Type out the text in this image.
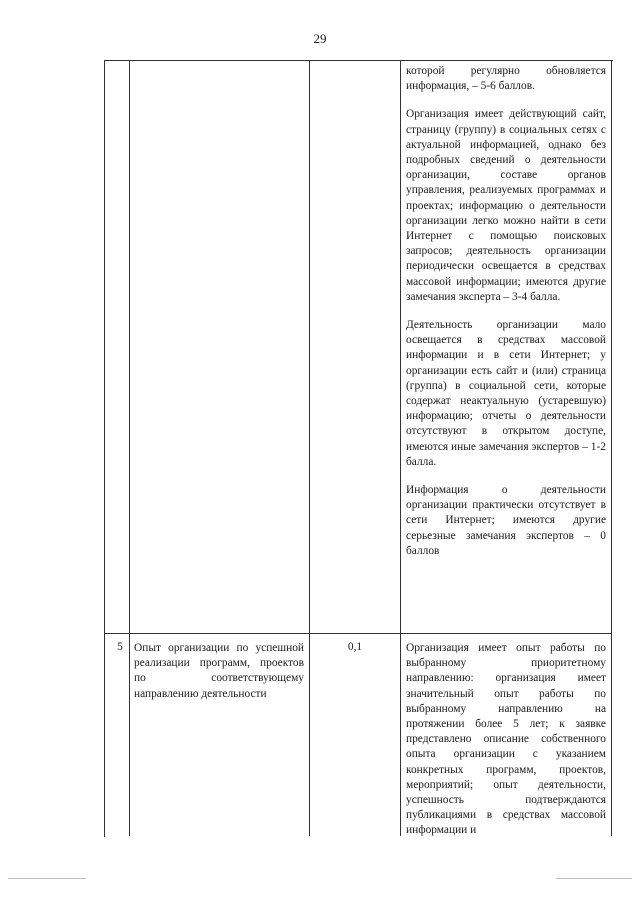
29

которой регулярно обновляется информация, – 5-6 баллов.

Организация имеет действующий сайт, страницу (группу) в социальных сетях с актуальной информацией, однако без подробных сведений о деятельности организации, составе органов управления, реализуемых программах и проектах; информацию о деятельности организации легко можно найти в сети Интернет с помощью поисковых запросов; деятельность организации периодически освещается в средствах массовой информации; имеются другие замечания эксперта – 3-4 балла.

Деятельность организации мало освещается в средствах массовой информации и в сети Интернет; у организации есть сайт и (или) страница (группа) в социальной сети, которые содержат неактуальную (устаревшую) информацию; отчеты о деятельности отсутствуют в открытом доступе, имеются иные замечания экспертов – 1-2 балла.

Информация о деятельности организации практически отсутствует в сети Интернет; имеются другие серьезные замечания экспертов – 0 баллов

5 Опыт организации по успешной реализации программ, проектов по соответствующему направлению деятельности
0,1	Организация имеет опыт работы по выбранному приоритетному направлению: организация имеет значительный опыт работы по выбранному направлению на протяжении более 5 лет; к заявке представлено описание собственного опыта организации с указанием конкретных программ, проектов, мероприятий; опыт деятельности, успешность подтверждаются публикациями в средствах массовой информации и
